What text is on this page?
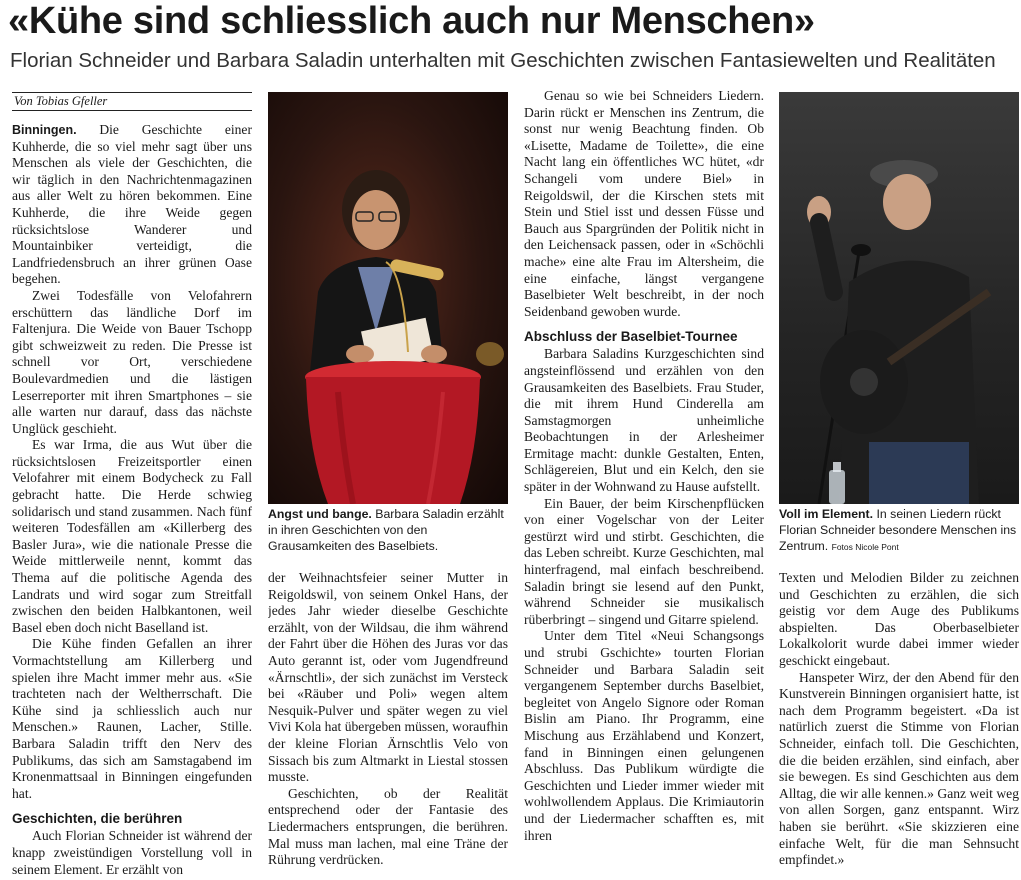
«Kühe sind schliesslich auch nur Menschen»
Florian Schneider und Barbara Saladin unterhalten mit Geschichten zwischen Fantasiewelten und Realitäten
Von Tobias Gfeller

Binningen. Die Geschichte einer Kuhherde, die so viel mehr sagt über uns Menschen als viele der Geschichten, die wir täglich in den Nachrichtenmagazinen aus aller Welt zu hören bekommen. Eine Kuhherde, die ihre Weide gegen rücksichtslose Wanderer und Mountainbiker verteidigt, die Landfriedensbruch an ihrer grünen Oase begehen.

Zwei Todesfälle von Velofahrern erschüttern das ländliche Dorf im Faltenjura. Die Weide von Bauer Tschopp gibt schweizweit zu reden. Die Presse ist schnell vor Ort, verschiedene Boulevardmedien und die lästigen Leserreporter mit ihren Smartphones – sie alle warten nur darauf, dass das nächste Unglück geschieht.

Es war Irma, die aus Wut über die rücksichtslosen Freizeitsportler einen Velofahrer mit einem Bodycheck zu Fall gebracht hatte. Die Herde schwieg solidarisch und stand zusammen. Nach fünf weiteren Todesfällen am «Killerberg des Basler Jura», wie die nationale Presse die Weide mittlerweile nennt, kommt das Thema auf die politische Agenda des Landrats und wird sogar zum Streitfall zwischen den beiden Halbkantonen, weil Basel eben doch nicht Baselland ist.

Die Kühe finden Gefallen an ihrer Vormachtstellung am Killerberg und spielen ihre Macht immer mehr aus. «Sie trachteten nach der Weltherrschaft. Die Kühe sind ja schliesslich auch nur Menschen.» Raunen, Lacher, Stille. Barbara Saladin trifft den Nerv des Publikums, das sich am Samstagabend im Kronenmattsaal in Binningen eingefunden hat.

Geschichten, die berühren

Auch Florian Schneider ist während der knapp zweistündigen Vorstellung voll in seinem Element. Er erzählt von

Angst und bange. Barbara Saladin erzählt in ihren Geschichten von den Grausamkeiten des Baselbiets.

der Weihnachtsfeier seiner Mutter in Reigoldswil, von seinem Onkel Hans, der jedes Jahr wieder dieselbe Geschichte erzählt, von der Wildsau, die ihm während der Fahrt über die Höhen des Juras vor das Auto gerannt ist, oder vom Jugendfreund «Ärnschtli», der sich zunächst im Versteck bei «Räuber und Poli» wegen altem Nesquik-Pulver und später wegen zu viel Vivi Kola hat übergeben müssen, woraufhin der kleine Florian Ärnschtlis Velo von Sissach bis zum Altmarkt in Liestal stossen musste.

Geschichten, ob der Realität entsprechend oder der Fantasie des Liedermachers entsprungen, die berühren. Mal muss man lachen, mal eine Träne der Rührung verdrücken.

Genau so wie bei Schneiders Liedern. Darin rückt er Menschen ins Zentrum, die sonst nur wenig Beachtung finden. Ob «Lisette, Madame de Toilette», die eine Nacht lang ein öffentliches WC hütet, «dr Schangeli vom undere Biel» in Reigoldswil, der die Kirschen stets mit Stein und Stiel isst und dessen Füsse und Bauch aus Spargründen der Politik nicht in den Leichensack passen, oder in «Schöchli mache» eine alte Frau im Altersheim, die eine einfache, längst vergangene Baselbieter Welt beschreibt, in der noch Seidenband gewoben wurde.

Abschluss der Baselbiet-Tournee

Barbara Saladins Kurzgeschichten sind angsteinflössend und erzählen von den Grausamkeiten des Baselbiets. Frau Studer, die mit ihrem Hund Cinderella am Samstagmorgen unheimliche Beobachtungen in der Arlesheimer Ermitage macht: dunkle Gestalten, Enten, Schlägereien, Blut und ein Kelch, den sie später in der Wohnwand zu Hause aufstellt.

Ein Bauer, der beim Kirschenpflücken von einer Vogelschar von der Leiter gestürzt wird und stirbt. Geschichten, die das Leben schreibt. Kurze Geschichten, mal hinterfragend, mal einfach beschreibend. Saladin bringt sie lesend auf den Punkt, während Schneider sie musikalisch rüberbringt – singend und Gitarre spielend.

Unter dem Titel «Neui Schangsongs und strubi Gschichte» tourten Florian Schneider und Barbara Saladin seit vergangenem September durchs Baselbiet, begleitet von Angelo Signore oder Roman Bislin am Piano. Ihr Programm, eine Mischung aus Erzählabend und Konzert, fand in Binningen einen gelungenen Abschluss. Das Publikum würdigte die Geschichten und Lieder immer wieder mit wohlwollendem Applaus. Die Krimiautorin und der Liedermacher schafften es, mit ihren

Voll im Element. In seinen Liedern rückt Florian Schneider besondere Menschen ins Zentrum. Fotos Nicole Pont

Texten und Melodien Bilder zu zeichnen und Geschichten zu erzählen, die sich geistig vor dem Auge des Publikums abspielten. Das Oberbaselbieter Lokalkolorit wurde dabei immer wieder geschickt eingebaut.

Hanspeter Wirz, der den Abend für den Kunstverein Binningen organisiert hatte, ist nach dem Programm begeistert. «Da ist natürlich zuerst die Stimme von Florian Schneider, einfach toll. Die Geschichten, die die beiden erzählen, sind einfach, aber sie bewegen. Es sind Geschichten aus dem Alltag, die wir alle kennen.» Ganz weit weg von allen Sorgen, ganz entspannt. Wirz haben sie berührt. «Sie skizzieren eine einfache Welt, für die man Sehnsucht empfindet.»
